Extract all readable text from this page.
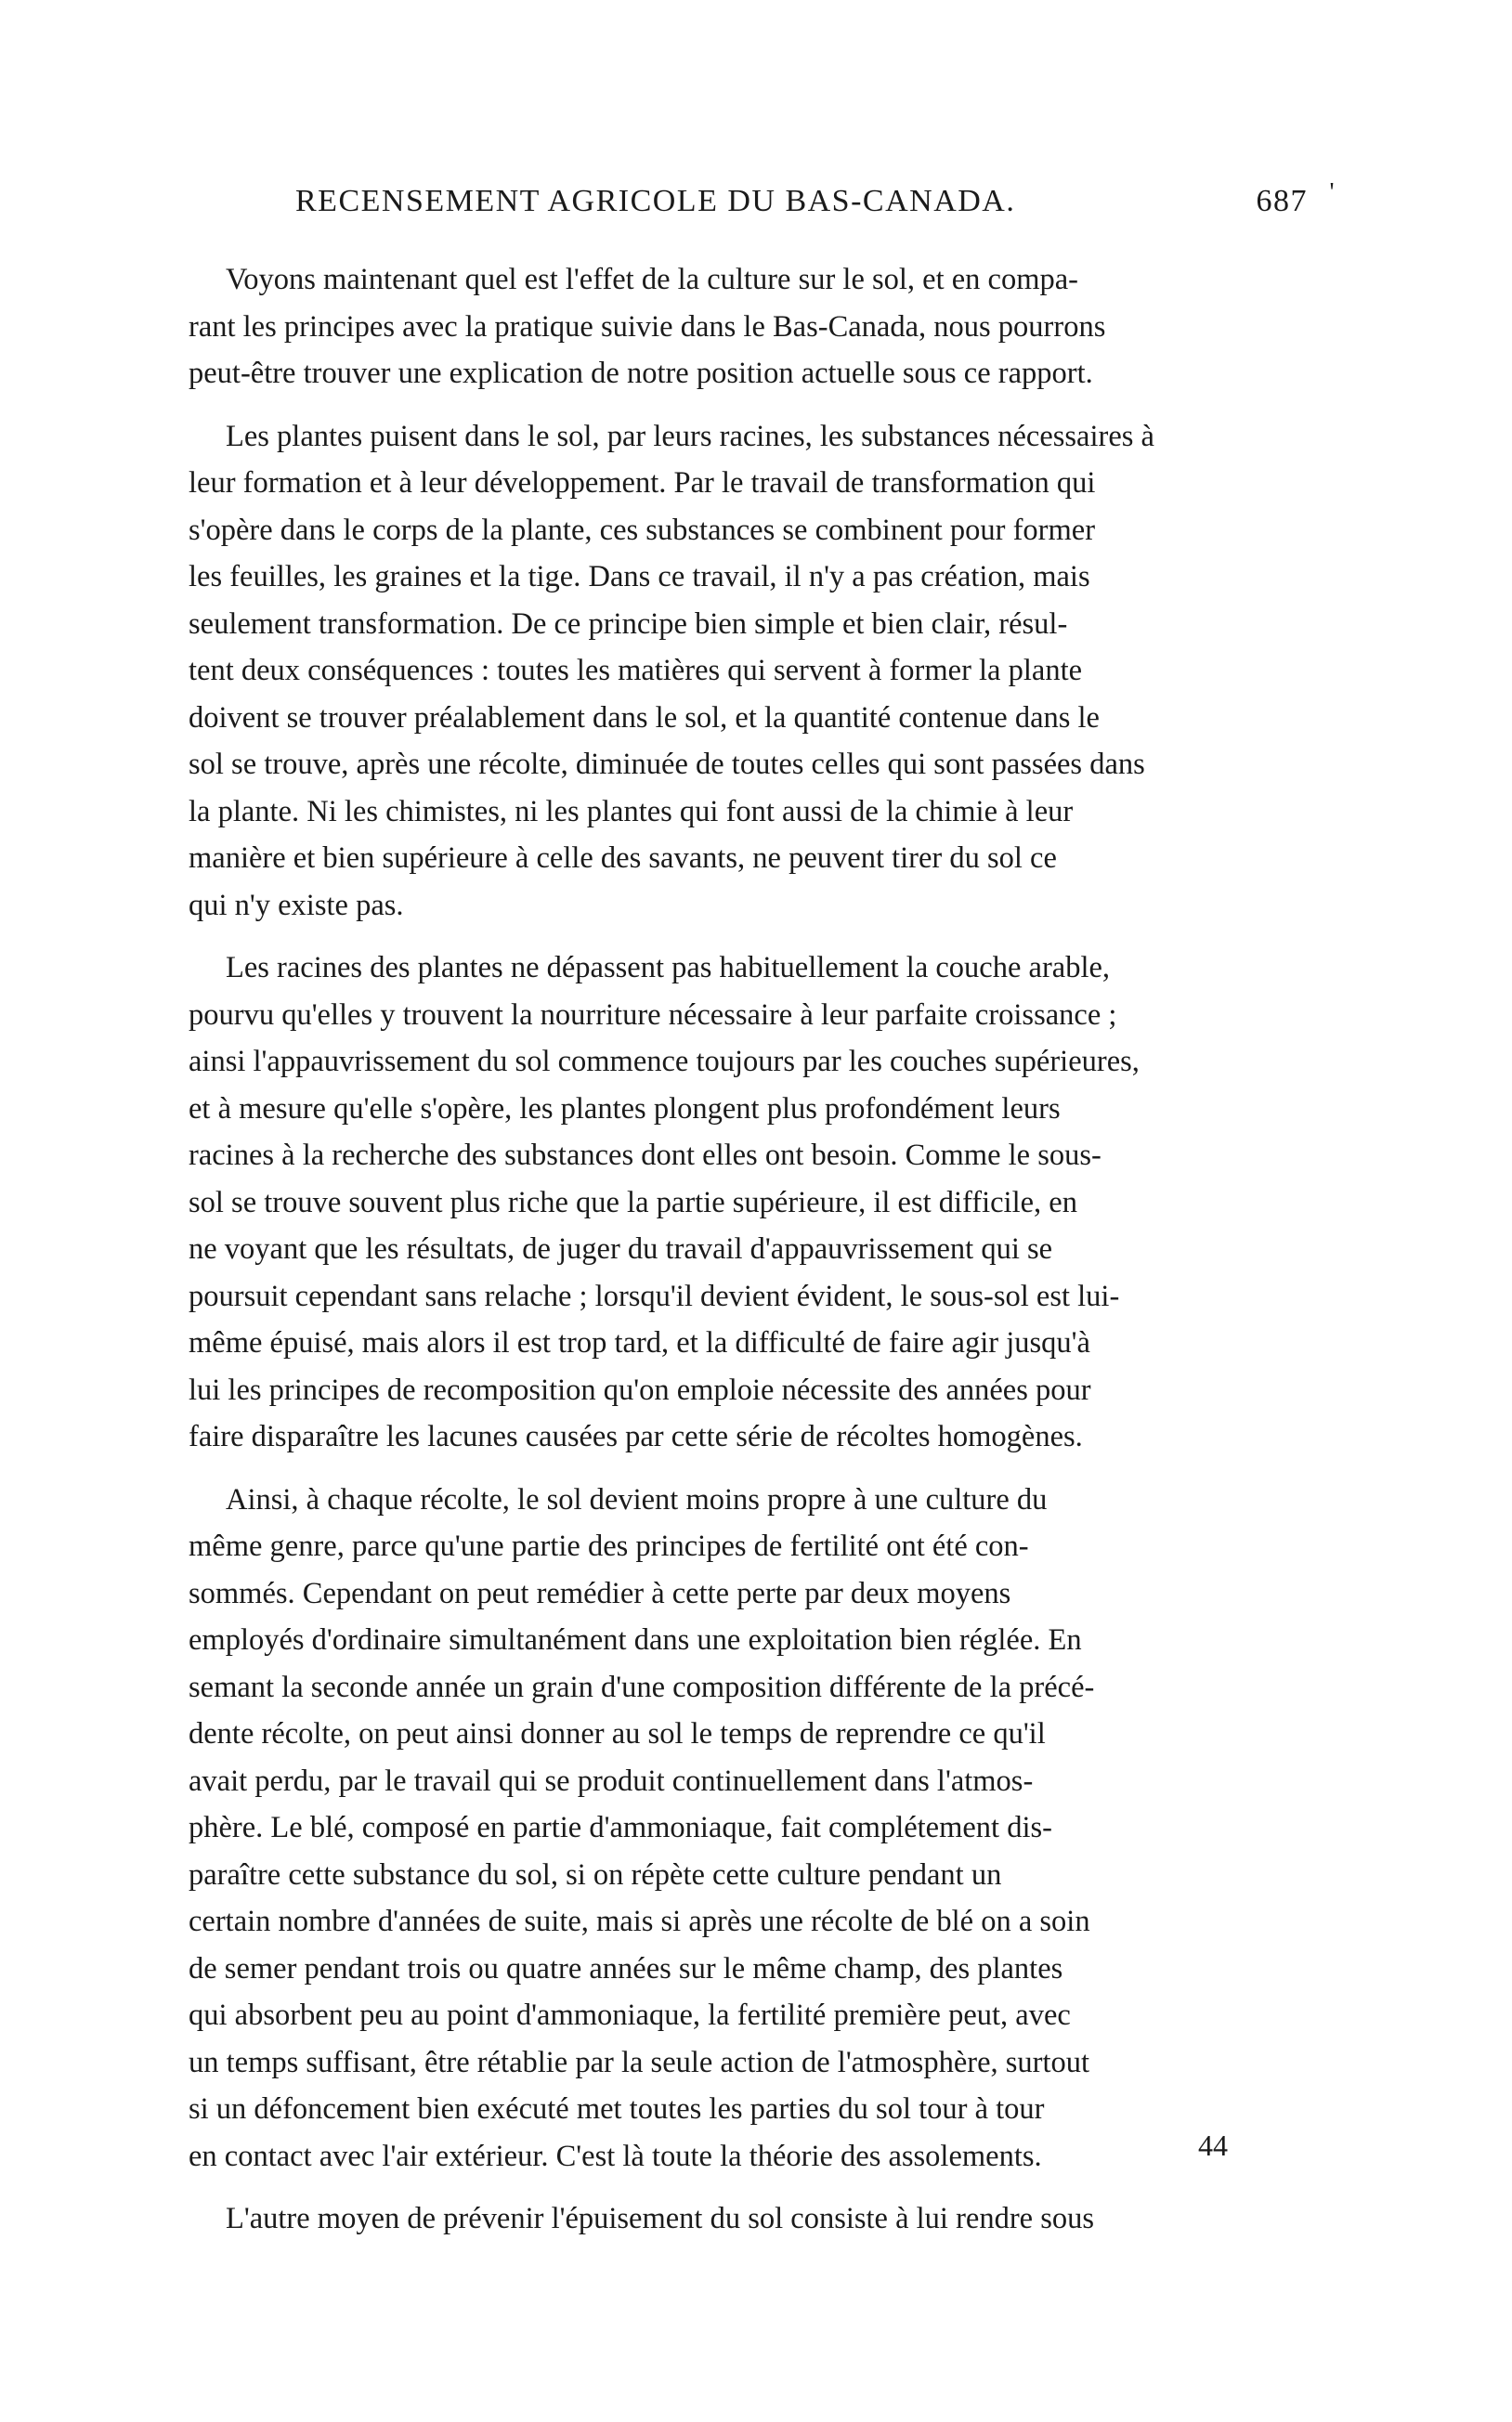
RECENSEMENT AGRICOLE DU BAS-CANADA.	687 '

Voyons maintenant quel est l'effet de la culture sur le sol, et en compa-
rant les principes avec la pratique suivie dans le Bas-Canada, nous pourrons
peut-être trouver une explication de notre position actuelle sous ce rapport.

Les plantes puisent dans le sol, par leurs racines, les substances nécessaires à
leur formation et à leur développement. Par le travail de transformation qui
s'opère dans le corps de la plante, ces substances se combinent pour former
les feuilles, les graines et la tige. Dans ce travail, il n'y a pas création, mais
seulement transformation. De ce principe bien simple et bien clair, résul-
tent deux conséquences : toutes les matières qui servent à former la plante
doivent se trouver préalablement dans le sol, et la quantité contenue dans le
sol se trouve, après une récolte, diminuée de toutes celles qui sont passées dans
la plante. Ni les chimistes, ni les plantes qui font aussi de la chimie à leur
manière et bien supérieure à celle des savants, ne peuvent tirer du sol ce
qui n'y existe pas.

Les racines des plantes ne dépassent pas habituellement la couche arable,
pourvu qu'elles y trouvent la nourriture nécessaire à leur parfaite croissance ;
ainsi l'appauvrissement du sol commence toujours par les couches supérieures,
et à mesure qu'elle s'opère, les plantes plongent plus profondément leurs
racines à la recherche des substances dont elles ont besoin. Comme le sous-
sol se trouve souvent plus riche que la partie supérieure, il est difficile, en
ne voyant que les résultats, de juger du travail d'appauvrissement qui se
poursuit cependant sans relache ; lorsqu'il devient évident, le sous-sol est lui-
même épuisé, mais alors il est trop tard, et la difficulté de faire agir jusqu'à
lui les principes de recomposition qu'on emploie nécessite des années pour
faire disparaître les lacunes causées par cette série de récoltes homogènes.

Ainsi, à chaque récolte, le sol devient moins propre à une culture du
même genre, parce qu'une partie des principes de fertilité ont été con-
sommés. Cependant on peut remédier à cette perte par deux moyens
employés d'ordinaire simultanément dans une exploitation bien réglée. En
semant la seconde année un grain d'une composition différente de la précé-
dente récolte, on peut ainsi donner au sol le temps de reprendre ce qu'il
avait perdu, par le travail qui se produit continuellement dans l'atmos-
phère. Le blé, composé en partie d'ammoniaque, fait complétement dis-
paraître cette substance du sol, si on répète cette culture pendant un
certain nombre d'années de suite, mais si après une récolte de blé on a soin
de semer pendant trois ou quatre années sur le même champ, des plantes
qui absorbent peu au point d'ammoniaque, la fertilité première peut, avec
un temps suffisant, être rétablie par la seule action de l'atmosphère, surtout
si un défoncement bien exécuté met toutes les parties du sol tour à tour
en contact avec l'air extérieur. C'est là toute la théorie des assolements.

L'autre moyen de prévenir l'épuisement du sol consiste à lui rendre sous

44
